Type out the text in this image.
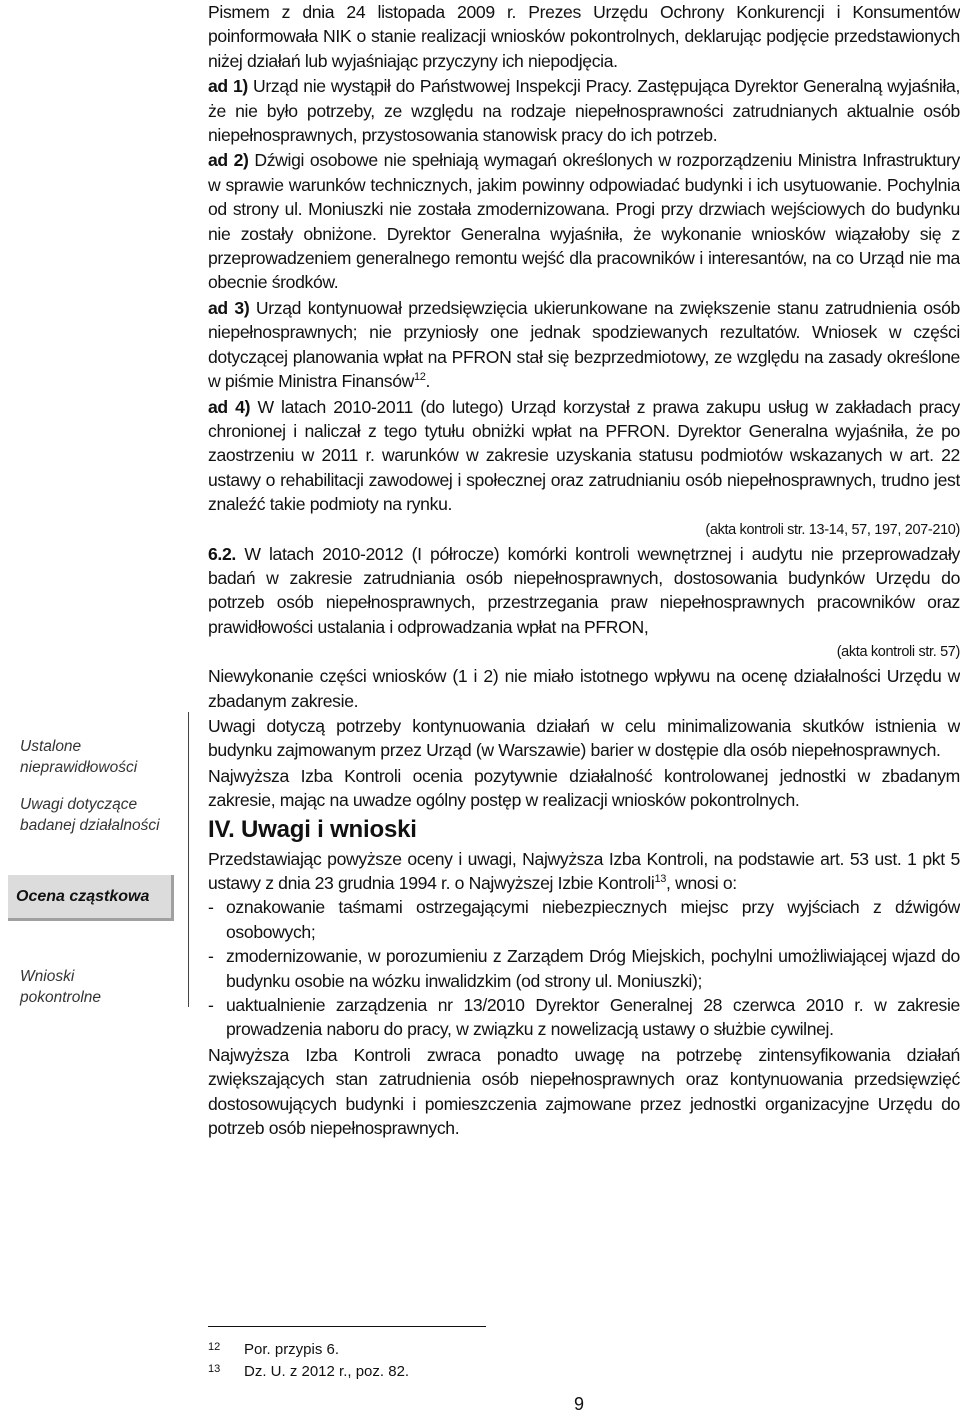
Ustalone
nieprawidłowości
Uwagi dotyczące
badanej działalności
Ocena cząstkowa
Wnioski
pokontrolne

Pismem z dnia 24 listopada 2009 r. Prezes Urzędu Ochrony Konkurencji i Konsumentów poinformowała NIK o stanie realizacji wniosków pokontrolnych, deklarując podjęcie przedstawionych niżej działań lub wyjaśniając przyczyny ich niepodjęcia.

ad 1) Urząd nie wystąpił do Państwowej Inspekcji Pracy. Zastępująca Dyrektor Generalną wyjaśniła, że nie było potrzeby, ze względu na rodzaje niepełnosprawności zatrudnianych aktualnie osób niepełnosprawnych, przystosowania stanowisk pracy do ich potrzeb.

ad 2) Dźwigi osobowe nie spełniają wymagań określonych w rozporządzeniu Ministra Infrastruktury w sprawie warunków technicznych, jakim powinny odpowiadać budynki i ich usytuowanie. Pochylnia od strony ul. Moniuszki nie została zmodernizowana. Progi przy drzwiach wejściowych do budynku nie zostały obniżone. Dyrektor Generalna wyjaśniła, że wykonanie wniosków wiązałoby się z przeprowadzeniem generalnego remontu wejść dla pracowników i interesantów, na co Urząd nie ma obecnie środków.

ad 3) Urząd kontynuował przedsięwzięcia ukierunkowane na zwiększenie stanu zatrudnienia osób niepełnosprawnych; nie przyniosły one jednak spodziewanych rezultatów. Wniosek w części dotyczącej planowania wpłat na PFRON stał się bezprzedmiotowy, ze względu na zasady określone w piśmie Ministra Finansów$^{12}$.

ad 4) W latach 2010-2011 (do lutego) Urząd korzystał z prawa zakupu usług w zakładach pracy chronionej i naliczał z tego tytułu obniżki wpłat na PFRON. Dyrektor Generalna wyjaśniła, że po zaostrzeniu w 2011 r. warunków w zakresie uzyskania statusu podmiotów wskazanych w art. 22 ustawy o rehabilitacji zawodowej i społecznej oraz zatrudnianiu osób niepełnosprawnych, trudno jest znaleźć takie podmioty na rynku.

(akta kontroli str. 13-14, 57, 197, 207-210)

6.2. W latach 2010-2012 (I półrocze) komórki kontroli wewnętrznej i audytu nie przeprowadzały badań w zakresie zatrudniania osób niepełnosprawnych, dostosowania budynków Urzędu do potrzeb osób niepełnosprawnych, przestrzegania praw niepełnosprawnych pracowników oraz prawidłowości ustalania i odprowadzania wpłat na PFRON,

(akta kontroli str. 57)

Niewykonanie części wniosków (1 i 2) nie miało istotnego wpływu na ocenę działalności Urzędu w zbadanym zakresie.

Uwagi dotyczą potrzeby kontynuowania działań w celu minimalizowania skutków istnienia w budynku zajmowanym przez Urząd (w Warszawie) barier w dostępie dla osób niepełnosprawnych.

Najwyższa Izba Kontroli ocenia pozytywnie działalność kontrolowanej jednostki w zbadanym zakresie, mając na uwadze ogólny postęp w realizacji wniosków pokontrolnych.

IV. Uwagi i wnioski

Przedstawiając powyższe oceny i uwagi, Najwyższa Izba Kontroli, na podstawie art. 53 ust. 1 pkt 5 ustawy z dnia 23 grudnia 1994 r. o Najwyższej Izbie Kontroli$^{13}$, wnosi o:

- oznakowanie taśmami ostrzegającymi niebezpiecznych miejsc przy wyjściach z dźwigów osobowych;
- zmodernizowanie, w porozumieniu z Zarządem Dróg Miejskich, pochylni umożliwiającej wjazd do budynku osobie na wózku inwalidzkim (od strony ul. Moniuszki);
- uaktualnienie zarządzenia nr 13/2010 Dyrektor Generalnej 28 czerwca 2010 r. w zakresie prowadzenia naboru do pracy, w związku z nowelizacją ustawy o służbie cywilnej.

Najwyższa Izba Kontroli zwraca ponadto uwagę na potrzebę zintensyfikowania działań zwiększających stan zatrudnienia osób niepełnosprawnych oraz kontynuowania przedsięwzięć dostosowujących budynki i pomieszczenia zajmowane przez jednostki organizacyjne Urzędu do potrzeb osób niepełnosprawnych.

12 Por. przypis 6.
13 Dz. U. z 2012 r., poz. 82.
9
